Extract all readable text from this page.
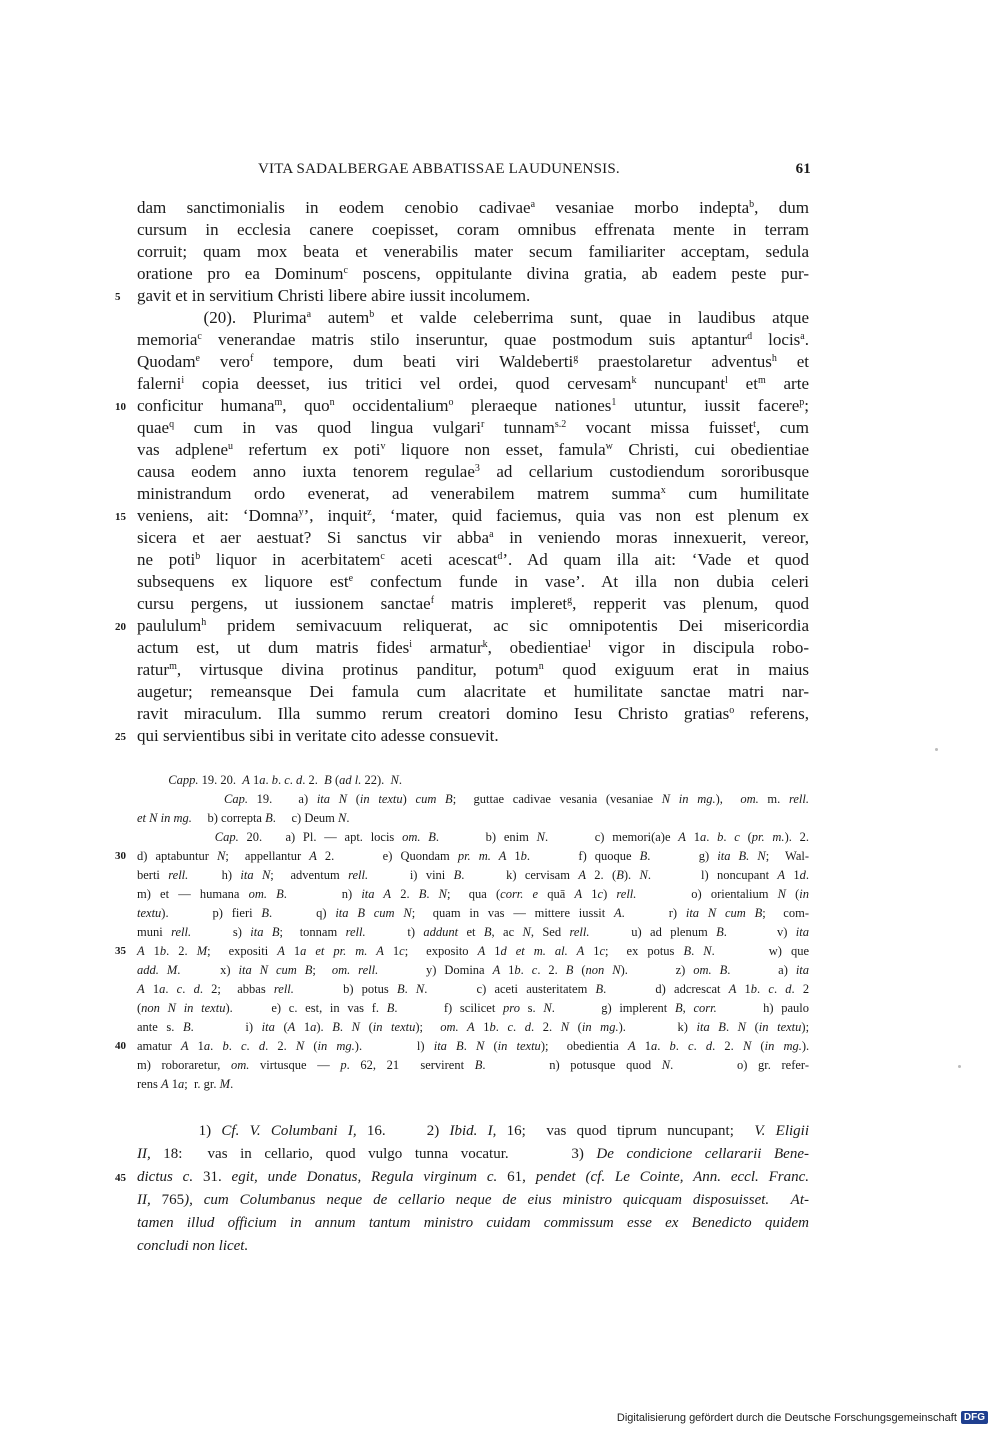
VITA SADALBERGAE ABBATISSAE LAUDUNENSIS.	61
dam sanctimonialis in eodem cenobio cadivae$^a$ vesaniae morbo indepta$^b$, dum
cursum in ecclesia canere coepisset, coram omnibus effrenata mente in terram
corruit; quam mox beata et venerabilis mater secum familiariter acceptam, sedula
oratione pro ea Dominum$^c$ poscens, oppitulante divina gratia, ab eadem peste pur-
5 gavit et in servitium Christi libere abire iussit incolumem.
(20). Plurima$^a$ autem$^b$ et valde celeberrima sunt, quae in laudibus atque
memoria$^c$ venerandae matris stilo inseruntur, quae postmodum suis aptantur$^d$ locis$^a$.
Quodam$^e$ vero$^f$ tempore, dum beati viri Waldeberti$^g$ praestolaretur adventus$^h$ et
falerni$^i$ copia deesset, ius tritici vel ordei, quod cervesam$^k$ nuncupant$^l$ $et^m$ arte
10 conficitur humana$^m$, quo$^n$ occidentalium$^o$ pleraeque nationes$^1$ utuntur, iussit facere$^p$;
quae$^q$ cum in vas quod lingua vulgari$^r$ tunnam$^{s.2}$ vocant missa fuisset$^t$, cum
vas adplene$^u$ refertum ex poti$^v$ liquore non esset, famula$^w$ Christi, cui obedientiae
causa eodem anno iuxta tenorem regulae$^3$ ad cellarium custodiendum sororibusque
ministrandum ordo evenerat, ad venerabilem matrem summa$^x$ cum humilitate
15 veniens, ait: ‘Domna$^y$’, inquit$^z$, ‘mater, quid faciemus, quia vas non est plenum ex
sicera et aer aestuat? Si sanctus vir abba$^a$ in veniendo moras innexuerit, vereor,
ne poti$^b$ liquor in acerbitatem$^c$ aceti acescat$^d$’. Ad quam illa ait: ‘Vade et quod
subsequens ex liquore est$^e$ confectum funde in vase’. At illa non dubia celeri
cursu pergens, ut iussionem sanctae$^f$ matris impleret$^g$, repperit vas plenum, quod
20 paululum$^h$ pridem semivacuum reliquerat, ac sic omnipotentis Dei misericordia
actum est, ut dum matris fides$^i$ armatur$^k$, obedientiae$^l$ vigor in discipula robo-
ratur$^m$, virtusque divina protinus panditur, potum$^n$ quod exiguum erat in maius
augetur; remeansque Dei famula cum alacritate et humilitate sanctae matri nar-
ravit miraculum. Illa summo rerum creatori domino Iesu Christo gratias$^o$ referens,
25 qui servientibus sibi in veritate cito adesse consuevit.
Capp. 19. 20.  A 1a. b. c. d. 2.  B (ad l. 22).  N.
Cap. 19.   a) ita N (in textu) cum B;  guttae cadivae vesania (vesaniae N in mg.),  om. m. rell.
et N in mg.     b) correpta B.     c) Deum N.
Cap. 20.   a) Pl. — apt. locis om. B.      b) enim N.      c) memori(a)e A 1a. b. c (pr. m.). 2.
30 d) aptabuntur N;  appellantur A 2.      e) Quondam pr. m. A 1b.      f) quoque B.      g) ita B. N;  Wal-
berti rell.    h) ita N;  adventum rell.     i) vini B.     k) cervisam A 2. (B). N.      l) noncupant A 1d.
m) et — humana om. B.      n) ita A 2. B. N;  qua (corr. e quā A 1c) rell.      o) orientalium N (in
textu).     p) fieri B.     q) ita B cum N;  quam in vas — mittere iussit A.     r) ita N cum B;  com-
muni rell.     s) ita B;  tonnam rell.     t) addunt et B, ac N, Sed rell.     u) ad plenum B.      v) ita
35 A 1b. 2. M;  expositi A 1a et pr. m. A 1c;  exposito A 1d et m. al. A 1c;  ex potus B. N.      w) que
add. M.     x) ita N cum B;  om. rell.      y) Domina A 1b. c. 2. B (non N).      z) om. B.      a) ita
A 1a. c. d. 2;  abbas rell.      b) potus B. N.      c) aceti austeritatem B.      d) adcrescat A 1b. c. d. 2
(non N in textu).     e) c. est, in vas f. B.      f) scilicet pro s. N.      g) implerent B, corr.      h) paulo
ante s. B.      i) ita (A 1a). B. N (in textu);  om. A 1b. c. d. 2. N (in mg.).      k) ita B. N (in textu);
40 amatur A 1a. b. c. d. 2. N (in mg.).      l) ita B. N (in textu);  obedientia A 1a. b. c. d. 2. N (in mg.).
m) roboraretur, om. virtusque — p. 62, 21  servirent B.      n) potusque quod N.      o) gr. refer-
rens A 1a;  r. gr. M.
1) Cf. V. Columbani I, 16.    2) Ibid. I, 16;  vas quod tiprum nuncupant;  V. Eligii
II, 18:  vas in cellario, quod vulgo tunna vocatur.     3) De condicione cellararii Bene-
45 dictus c. 31. egit, unde Donatus, Regula virginum c. 61, pendet (cf. Le Cointe, Ann. eccl. Franc.
II, 765), cum Columbanus neque de cellario neque de eius ministro quicquam disposuisset.  At-
tamen illud officium in annum tantum ministro cuidam commissum esse ex Benedicto quidem
concludi non licet.
Digitalisierung gefördert durch die Deutsche Forschungsgemeinschaft DFG
